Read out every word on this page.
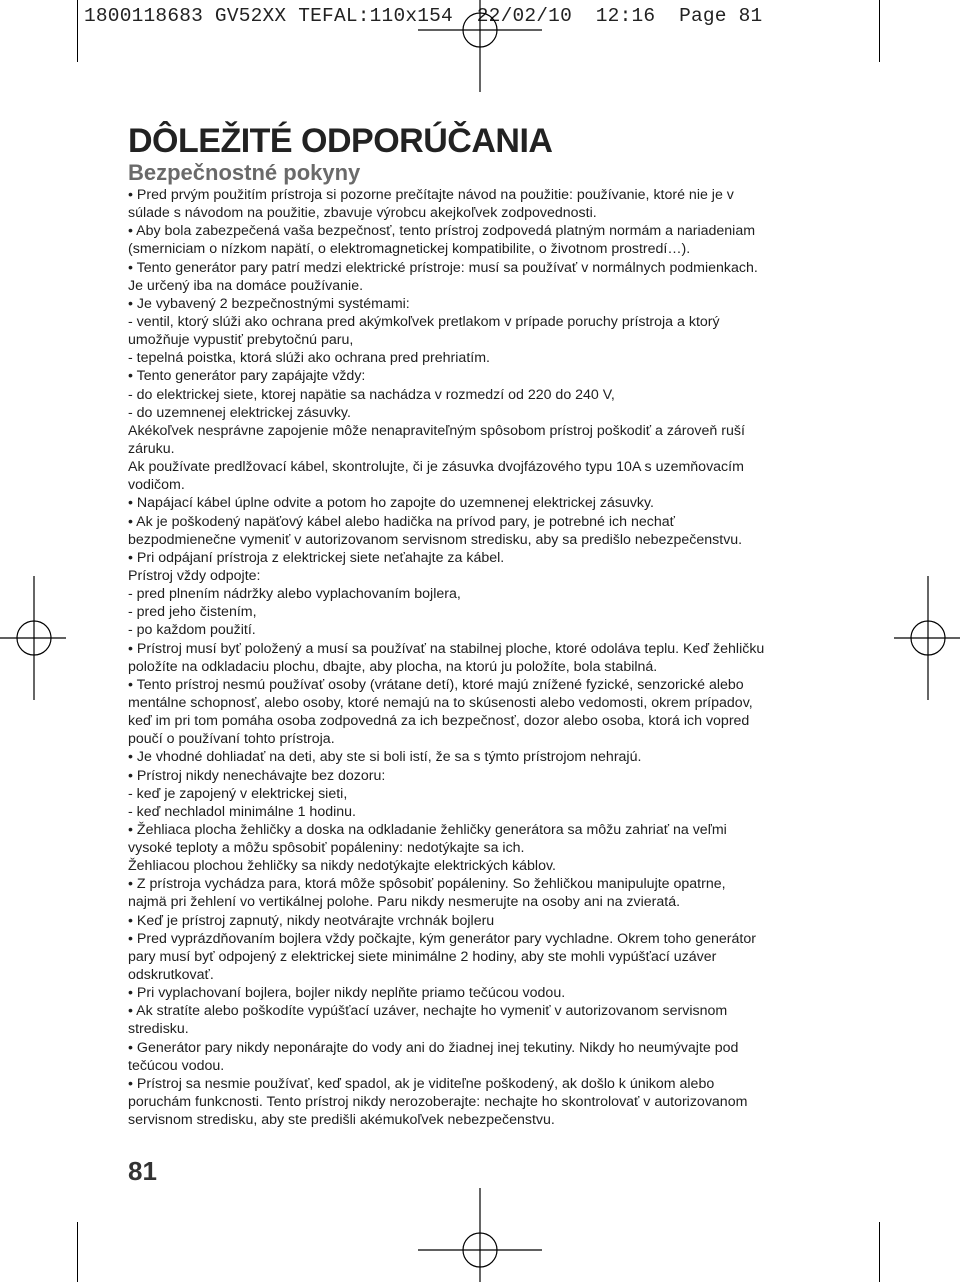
1800118683 GV52XX TEFAL:110x154  22/02/10  12:16  Page 81
DÔLEŽITÉ ODPORÚČANIA
Bezpečnostné pokyny
• Pred prvým použitím prístroja si pozorne prečítajte návod na použitie: používanie, ktoré nie je v
súlade s návodom na použitie, zbavuje výrobcu akejkoľvek zodpovednosti.
• Aby bola zabezpečená vaša bezpečnosť, tento prístroj zodpovedá platným normám a nariadeniam
(smerniciam o nízkom napätí, o elektromagnetickej kompatibilite, o životnom prostredí…).
• Tento generátor pary patrí medzi elektrické prístroje: musí sa používať v normálnych podmienkach.
Je určený iba na domáce používanie.
• Je vybavený 2 bezpečnostnými systémami:
- ventil, ktorý slúži ako ochrana pred akýmkoľvek pretlakom v prípade poruchy prístroja a ktorý
umožňuje vypustiť prebytočnú paru,
- tepelná poistka, ktorá slúži ako ochrana pred prehriatím.
• Tento generátor pary zapájajte vždy:
- do elektrickej siete, ktorej napätie sa nachádza v rozmedzí od 220 do 240 V,
- do uzemnenej elektrickej zásuvky.
Akékoľvek nesprávne zapojenie môže nenapraviteľným spôsobom prístroj poškodiť a zároveň ruší
záruku.
Ak používate predlžovací kábel, skontrolujte, či je zásuvka dvojfázového typu 10A s uzemňovacím
vodičom.
• Napájací kábel úplne odvite a potom ho zapojte do uzemnenej elektrickej zásuvky.
• Ak je poškodený napäťový kábel alebo hadička na prívod pary, je potrebné ich nechať
bezpodmienečne vymeniť v autorizovanom servisnom stredisku, aby sa predišlo nebezpečenstvu.
• Pri odpájaní prístroja z elektrickej siete neťahajte za kábel.
Prístroj vždy odpojte:
- pred plnením nádržky alebo vyplachovaním bojlera,
- pred jeho čistením,
- po každom použití.
• Prístroj musí byť položený a musí sa používať na stabilnej ploche, ktoré odoláva teplu. Keď žehličku
položíte na odkladaciu plochu, dbajte, aby plocha, na ktorú ju položíte, bola stabilná.
• Tento prístroj nesmú používať osoby (vrátane detí), ktoré majú znížené fyzické, senzorické alebo
mentálne schopnosť, alebo osoby, ktoré nemajú na to skúsenosti alebo vedomosti, okrem prípadov,
keď im pri tom pomáha osoba zodpovedná za ich bezpečnosť, dozor alebo osoba, ktorá ich vopred
poučí o používaní tohto prístroja.
• Je vhodné dohliadať na deti, aby ste si boli istí, že sa s týmto prístrojom nehrajú.
• Prístroj nikdy nenechávajte bez dozoru:
- keď je zapojený v elektrickej sieti,
- keď nechladol minimálne 1 hodinu.
• Žehliaca plocha žehličky a doska na odkladanie žehličky generátora sa môžu zahriať na veľmi
vysoké teploty a môžu spôsobiť popáleniny: nedotýkajte sa ich.
Žehliacou plochou žehličky sa nikdy nedotýkajte elektrických káblov.
• Z prístroja vychádza para, ktorá môže spôsobiť popáleniny. So žehličkou manipulujte opatrne,
najmä pri žehlení vo vertikálnej polohe. Paru nikdy nesmerujte na osoby ani na zvieratá.
• Keď je prístroj zapnutý, nikdy neotvárajte vrchnák bojleru
• Pred vyprázdňovaním bojlera vždy počkajte, kým generátor pary vychladne. Okrem toho generátor
pary musí byť odpojený z elektrickej siete minimálne 2 hodiny, aby ste mohli vypúšťací uzáver
odskrutkovať.
• Pri vyplachovaní bojlera, bojler nikdy neplňte priamo tečúcou vodou.
• Ak stratíte alebo poškodíte vypúšťací uzáver, nechajte ho vymeniť v autorizovanom servisnom
stredisku.
• Generátor pary nikdy neponárajte do vody ani do žiadnej inej tekutiny. Nikdy ho neumývajte pod
tečúcou vodou.
• Prístroj sa nesmie používať, keď spadol, ak je viditeľne poškodený, ak došlo k únikom alebo
poruchám funkcnosti. Tento prístroj nikdy nerozoberajte: nechajte ho skontrolovať v autorizovanom
servisnom stredisku, aby ste predišli akémukoľvek nebezpečenstvu.
81
